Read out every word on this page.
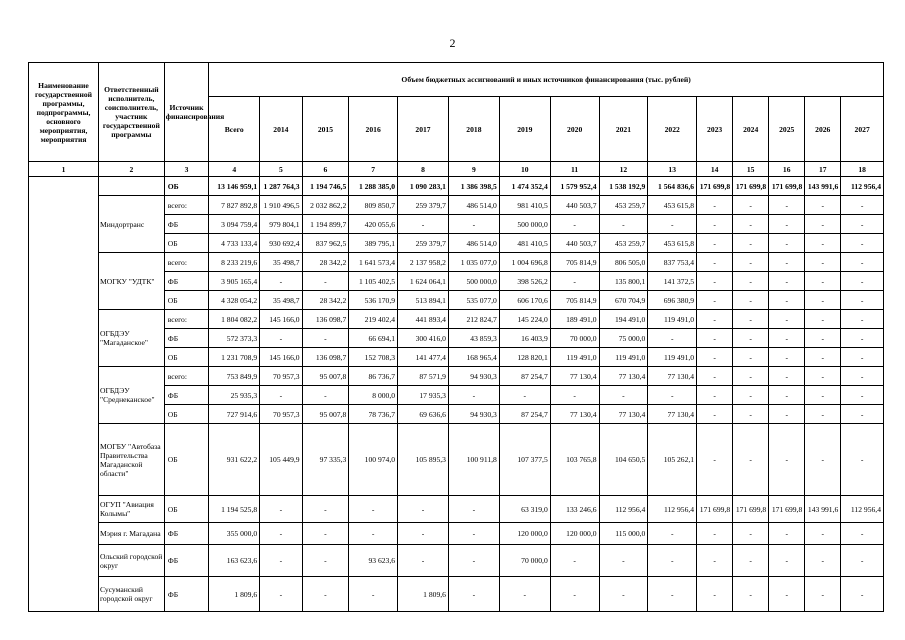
2
Наименование государственной программы, подпрограммы, основного мероприятия, мероприятия	Ответственный исполнитель, соисполнитель, участник государственной программы	Источник финансирования	Объем бюджетных ассигнований и иных источников финансирования (тыс. рублей)														
			Всего	2014	2015	2016	2017	2018	2019	2020	2021	2022	2023	2024	2025	2026	2027
1	2	3	4	5	6	7	8	9	10	11	12	13	14	15	16	17	18
		ОБ	13 146 959,1	1 287 764,3	1 194 746,5	1 288 385,0	1 090 283,1	1 386 398,5	1 474 352,4	1 579 952,4	1 538 192,9	1 564 836,6	171 699,8	171 699,8	171 699,8	143 991,6	112 956,4
	Миндортранс	всего:	7 827 892,8	1 910 496,5	2 032 862,2	809 850,7	259 379,7	486 514,0	981 410,5	440 503,7	453 259,7	453 615,8	-	-	-	-	-
		ФБ	3 094 759,4	979 804,1	1 194 899,7	420 055,6	-	-	500 000,0	-	-	-	-	-	-	-	-
		ОБ	4 733 133,4	930 692,4	837 962,5	389 795,1	259 379,7	486 514,0	481 410,5	440 503,7	453 259,7	453 615,8	-	-	-	-	-
	МОГКУ "УДТК"	всего:	8 233 219,6	35 498,7	28 342,2	1 641 573,4	2 137 958,2	1 035 077,0	1 004 696,8	705 814,9	806 505,0	837 753,4	-	-	-	-	-
		ФБ	3 905 165,4	-	-	1 105 402,5	1 624 064,1	500 000,0	398 526,2	-	135 800,1	141 372,5	-	-	-	-	-
		ОБ	4 328 054,2	35 498,7	28 342,2	536 170,9	513 894,1	535 077,0	606 170,6	705 814,9	670 704,9	696 380,9	-	-	-	-	-
	ОГБДЭУ "Магаданское"	всего:	1 804 082,2	145 166,0	136 098,7	219 402,4	441 893,4	212 824,7	145 224,0	189 491,0	194 491,0	119 491,0	-	-	-	-	-
		ФБ	572 373,3	-	-	66 694,1	300 416,0	43 859,3	16 403,9	70 000,0	75 000,0	-	-	-	-	-	-
		ОБ	1 231 708,9	145 166,0	136 098,7	152 708,3	141 477,4	168 965,4	128 820,1	119 491,0	119 491,0	119 491,0	-	-	-	-	-
	ОГБДЭУ "Среднеканское"	всего:	753 849,9	70 957,3	95 007,8	86 736,7	87 571,9	94 930,3	87 254,7	77 130,4	77 130,4	77 130,4	-	-	-	-	-
		ФБ	25 935,3	-	-	8 000,0	17 935,3	-	-	-	-	-	-	-	-	-	-
		ОБ	727 914,6	70 957,3	95 007,8	78 736,7	69 636,6	94 930,3	87 254,7	77 130,4	77 130,4	77 130,4	-	-	-	-	-
	МОГБУ "Автобаза Правительства Магаданской области"	ОБ	931 622,2	105 449,9	97 335,3	100 974,0	105 895,3	100 911,8	107 377,5	103 765,8	104 650,5	105 262,1	-	-	-	-	-
	ОГУП "Авиация Колымы"	ОБ	1 194 525,8	-	-	-	-	-	63 319,0	133 246,6	112 956,4	112 956,4	171 699,8	171 699,8	171 699,8	143 991,6	112 956,4
	Мэрия г. Магадана	ФБ	355 000,0	-	-	-	-	-	120 000,0	120 000,0	115 000,0	-	-	-	-	-	-
	Ольский городской округ	ФБ	163 623,6	-	-	93 623,6	-	-	70 000,0	-	-	-	-	-	-	-	-
	Сусуманский городской округ	ФБ	1 809,6	-	-	-	1 809,6	-	-	-	-	-	-	-	-	-	-
